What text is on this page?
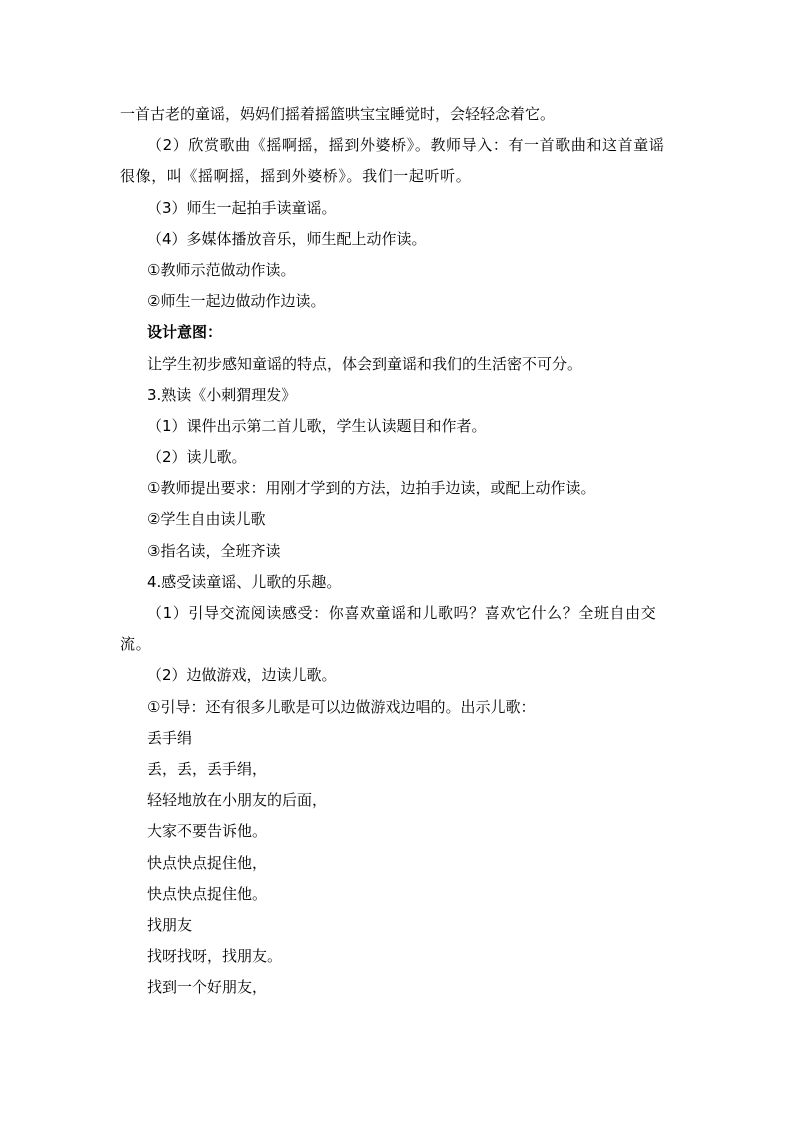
一首古老的童谣，妈妈们摇着摇篮哄宝宝睡觉时，会轻轻念着它。
（2）欣赏歌曲《摇啊摇，摇到外婆桥》。教师导入：有一首歌曲和这首童谣很像，叫《摇啊摇，摇到外婆桥》。我们一起听听。
（3）师生一起拍手读童谣。
（4）多媒体播放音乐，师生配上动作读。
①教师示范做动作读。
②师生一起边做动作边读。
设计意图：
让学生初步感知童谣的特点，体会到童谣和我们的生活密不可分。
3.熟读《小刺猬理发》
（1）课件出示第二首儿歌，学生认读题目和作者。
（2）读儿歌。
①教师提出要求：用刚才学到的方法，边拍手边读，或配上动作读。
②学生自由读儿歌
③指名读，全班齐读
4.感受读童谣、儿歌的乐趣。
（1）引导交流阅读感受：你喜欢童谣和儿歌吗？喜欢它什么？全班自由交流。
（2）边做游戏，边读儿歌。
①引导：还有很多儿歌是可以边做游戏边唱的。出示儿歌：
丢手绢
丢，丢，丢手绢，
轻轻地放在小朋友的后面，
大家不要告诉他。
快点快点捉住他，
快点快点捉住他。
找朋友
找呀找呀，找朋友。
找到一个好朋友，
